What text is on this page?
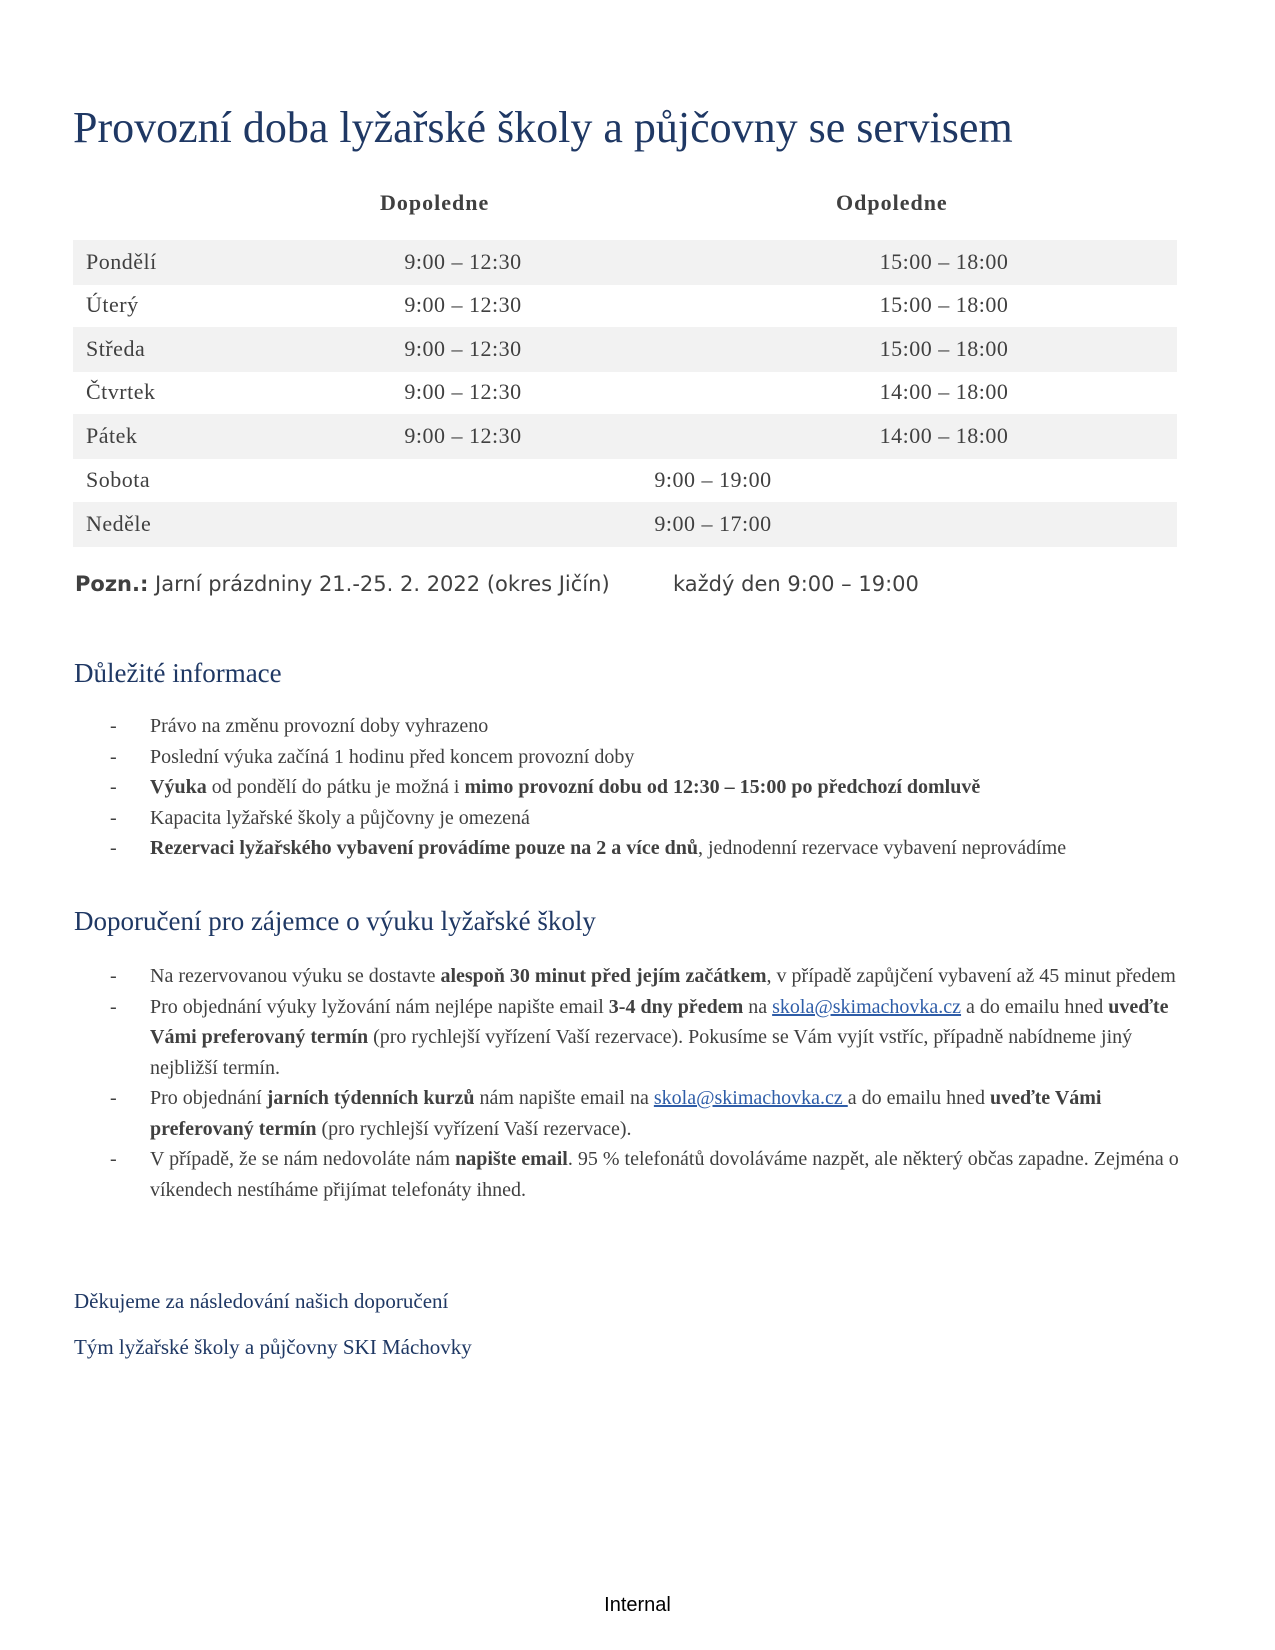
Provozní doba lyžařské školy a půjčovny se servisem
Dopoledne	Odpoledne
Pondělí	9:00 – 12:30	15:00 – 18:00
Úterý	9:00 – 12:30	15:00 – 18:00
Středa	9:00 – 12:30	15:00 – 18:00
Čtvrtek	9:00 – 12:30	14:00 – 18:00
Pátek	9:00 – 12:30	14:00 – 18:00
Sobota	9:00 – 19:00
Neděle	9:00 – 17:00
Pozn.: Jarní prázdniny 21.-25. 2. 2022 (okres Jičín)	každý den 9:00 – 19:00
Důležité informace
- Právo na změnu provozní doby vyhrazeno
- Poslední výuka začíná 1 hodinu před koncem provozní doby
- Výuka od pondělí do pátku je možná i mimo provozní dobu od 12:30 – 15:00 po předchozí domluvě
- Kapacita lyžařské školy a půjčovny je omezená
- Rezervaci lyžařského vybavení provádíme pouze na 2 a více dnů, jednodenní rezervace vybavení neprovádíme
Doporučení pro zájemce o výuku lyžařské školy
- Na rezervovanou výuku se dostavte alespoň 30 minut před jejím začátkem, v případě zapůjčení vybavení až 45 minut předem
- Pro objednání výuky lyžování nám nejlépe napište email 3-4 dny předem na skola@skimachovka.cz a do emailu hned uveďte Vámi preferovaný termín (pro rychlejší vyřízení Vaší rezervace). Pokusíme se Vám vyjít vstříc, případně nabídneme jiný nejbližší termín.
- Pro objednání jarních týdenních kurzů nám napište email na skola@skimachovka.cz a do emailu hned uveďte Vámi preferovaný termín (pro rychlejší vyřízení Vaší rezervace).
- V případě, že se nám nedovoláte nám napište email. 95 % telefonátů dovoláváme nazpět, ale některý občas zapadne. Zejména o víkendech nestíháme přijímat telefonáty ihned.
Děkujeme za následování našich doporučení
Tým lyžařské školy a půjčovny SKI Máchovky
Internal
